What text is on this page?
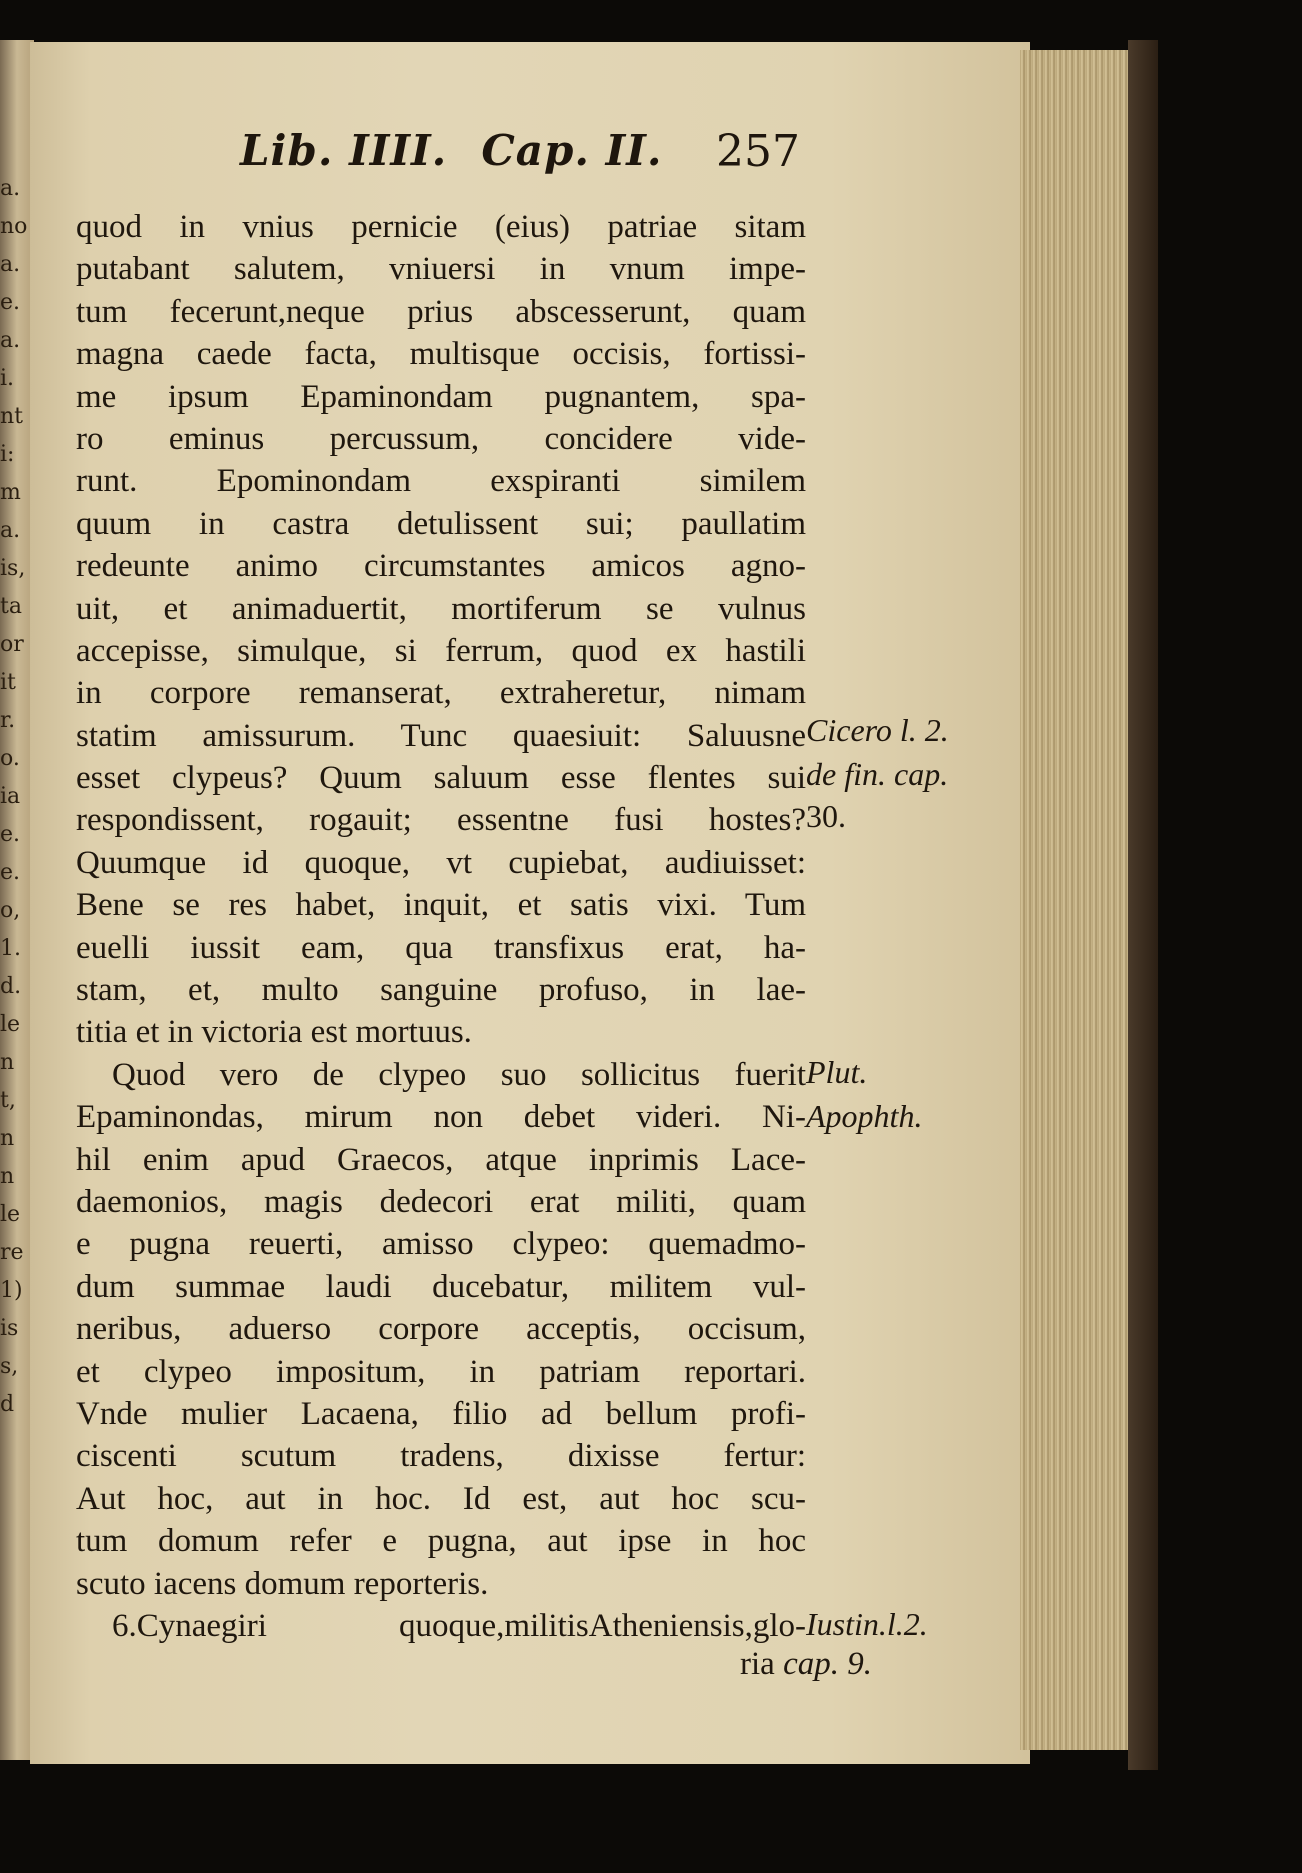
a.
no
a.
e.
a.
i.
nt
i:
m
a.
is,
ta
or
it
r.
o.
ia
e.
e.
o,
1.
d.
le
n
t,
n
n
le
re
1)
is
s,
d
Lib. IIII. Cap. II.	257
quod in vnius pernicie (eius) patriae sitam
putabant salutem, vniuersi in vnum impe-
tum fecerunt,neque prius abscesserunt, quam
magna caede facta, multisque occisis, fortissi-
me ipsum Epaminondam pugnantem, spa-
ro eminus percussum, concidere vide-
runt. Epominondam exspiranti similem
quum in castra detulissent sui; paullatim
redeunte animo circumstantes amicos agno-
uit, et animaduertit, mortiferum se vulnus
accepisse, simulque, si ferrum, quod ex hastili
in corpore remanserat, extraheretur, nimam
statim amissurum. Tunc quaesiuit: Saluusne
esset clypeus? Quum saluum esse flentes sui
respondissent, rogauit; essentne fusi hostes?
Quumque id quoque, vt cupiebat, audiuisset:
Bene se res habet, inquit, et satis vixi. Tum
euelli iussit eam, qua transfixus erat, ha-
stam, et, multo sanguine profuso, in lae-
titia et in victoria est mortuus.
Quod vero de clypeo suo sollicitus fuerit
Epaminondas, mirum non debet videri. Ni-
hil enim apud Graecos, atque inprimis Lace-
daemonios, magis dedecori erat militi, quam
e pugna reuerti, amisso clypeo: quemadmo-
dum summae laudi ducebatur, militem vul-
neribus, aduerso corpore acceptis, occisum,
et clypeo impositum, in patriam reportari.
Vnde mulier Lacaena, filio ad bellum profi-
ciscenti scutum tradens, dixisse fertur:
Aut hoc, aut in hoc. Id est, aut hoc scu-
tum domum refer e pugna, aut ipse in hoc
scuto iacens domum reporteris.
6.Cynaegiri quoque,militisAtheniensis,glo-
Cicero l. 2.
de fin. cap.
30.
Plut.
Apophth.
Iustin.l.2.
ria cap. 9.
